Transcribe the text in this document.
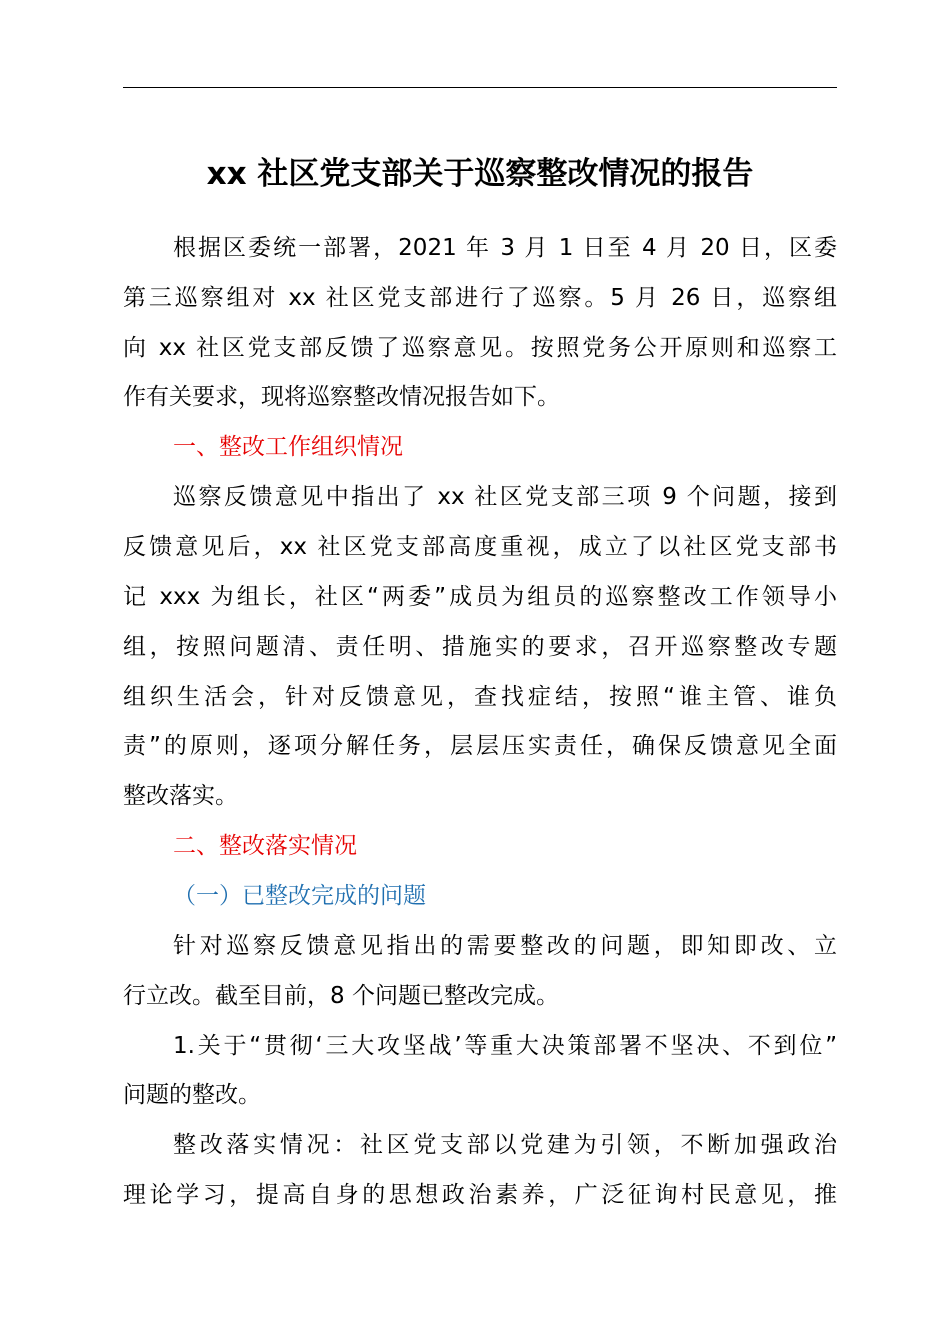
xx 社区党支部关于巡察整改情况的报告
根据区委统一部署，2021 年 3 月 1 日至 4 月 20 日，区委
第三巡察组对 xx 社区党支部进行了巡察。5 月 26 日，巡察组
向 xx 社区党支部反馈了巡察意见。按照党务公开原则和巡察工
作有关要求，现将巡察整改情况报告如下。
一、整改工作组织情况
巡察反馈意见中指出了 xx 社区党支部三项 9 个问题，接到
反馈意见后，xx 社区党支部高度重视，成立了以社区党支部书
记 xxx 为组长，社区“两委”成员为组员的巡察整改工作领导小
组，按照问题清、责任明、措施实的要求，召开巡察整改专题
组织生活会，针对反馈意见，查找症结，按照“谁主管、谁负
责”的原则，逐项分解任务，层层压实责任，确保反馈意见全面
整改落实。
二、整改落实情况
（一）已整改完成的问题
针对巡察反馈意见指出的需要整改的问题，即知即改、立
行立改。截至目前，8 个问题已整改完成。
1.关于“贯彻‘三大攻坚战’等重大决策部署不坚决、不到位”
问题的整改。
整改落实情况：社区党支部以党建为引领，不断加强政治
理论学习，提高自身的思想政治素养，广泛征询村民意见，推
